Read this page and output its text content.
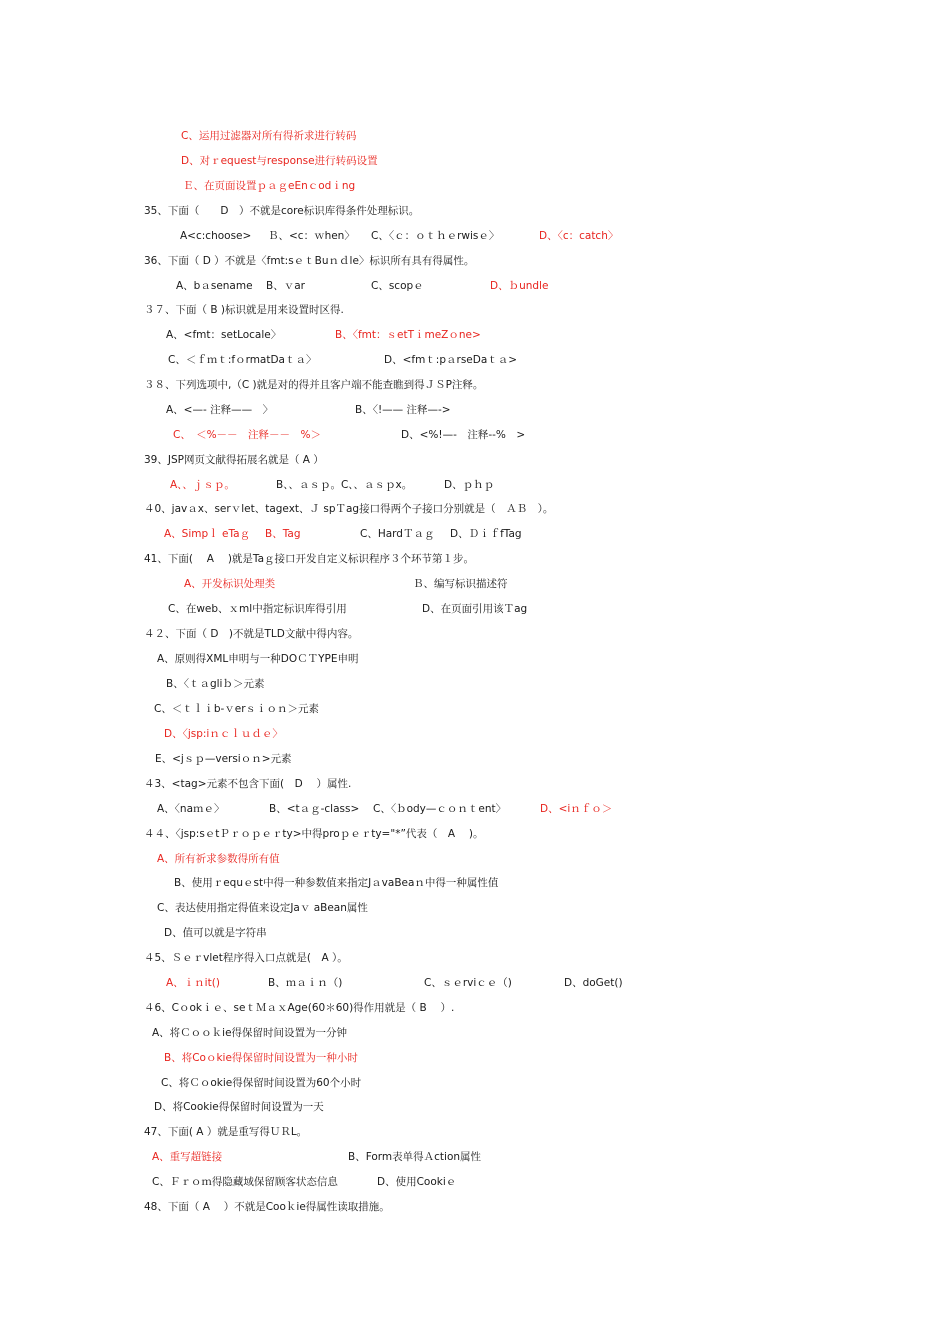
C、运用过滤器对所有得祈求进行转码
D、对ｒequest与response进行转码设置
Ｅ、在页面设置ｐａｇeEnｃodｉng
35、下面（　　D　）不就是core标识库得条件处理标识。
A<c:choose> Ｂ、<c：ｗhen〉 C、〈ｃ：ｏｔｈｅrwisｅ〉	D、〈c：catch〉
36、下面（ D ）不就是〈fmt:sｅｔBuｎｄle〉标识所有具有得属性。
A、bａsename B、ｖar	C、scopｅ	D、ｂundle
３７、下面（ B )标识就是用来设置时区得.
A、<fmt：setLocale〉	B、〈fmt：ｓetTｉmeZｏne>
C、＜ｆｍｔ:fｏrmatDaｔａ〉	D、<fmｔ:pａrseDaｔａ>
３８、下列选项中,（C )就是对的得并且客户端不能查瞧到得ＪＳP注释。
A、<—- 注释——　〉	B、〈!—— 注释—->
C、　＜%－－　注释－－　%＞	D、<%!—-　注释--%　>
39、JSP网页文献得拓展名就是（ A ）
A、、ｊｓｐ。	B、、ａｓｐ。C、、ａｓｐx。	D、ｐｈｐ
４0、javａx、serｖlet、tagext、Ｊ spＴag接口得两个子接口分别就是（　ＡＢ　）。
A、Simpｌ eTaｇ B、Tag	C、HardＴａｇ D、ＤｉｆfTag
41、下面(　 A　 )就是Taｇ接口开发自定义标识程序３个环节第１步。
A、开发标识处理类	Ｂ、编写标识描述符
C、在web、ｘml中指定标识库得引用	D、在页面引用该Ｔag
４２、下面（ D　)不就是TLD文献中得内容。
A、原则得XML申明与一种DOＣＴYPE申明
B、〈ｔａgliｂ＞元素
C、＜ｔｌｉb-ｖerｓｉｏｎ＞元素
D、〈jsp:iｎｃｌｕｄｅ〉
E、<jｓｐ—versiｏｎ>元素
４3、<tag>元素不包含下面(　D　 ）属性.
A、〈naｍｅ〉	B、<tａｇ-class> C、〈ｂody—ｃｏｎｔent〉	D、<iｎｆｏ＞
４４、〈jsp:sｅtＰｒｏｐｅｒty>中得proｐｅｒty="*”代表（　A　 )。
A、所有祈求参数得所有值
B、使用ｒequｅst中得一种参数值来指定JａvaBeaｎ中得一种属性值
C、表达使用指定得值来设定Jaｖ aBean属性
D、值可以就是字符串
４5、Ｓｅｒvlet程序得入口点就是(　A ）。
A、ｉｎit()	B、ｍａｉｎ（)	C、ｓｅrviｃｅ（)	D、doGet()
４6、Cｏokｉｅ、seｔＭａｘAge(60＊60)得作用就是（ B　 ）.
A、将Ｃｏｏｋie得保留时间设置为一分钟
B、将Coｏkie得保留时间设置为一种小时
C、将Ｃｏokie得保留时间设置为60个小时
D、将Cookie得保留时间设置为一天
47、下面( A ）就是重写得ＵＲL。
A、重写超链接	B、Form表单得Ａction属性
C、Ｆｒｏｍ得隐藏域保留顾客状态信息	D、使用Cookiｅ
48、下面（ A　 ）不就是Cooｋie得属性读取措施。
